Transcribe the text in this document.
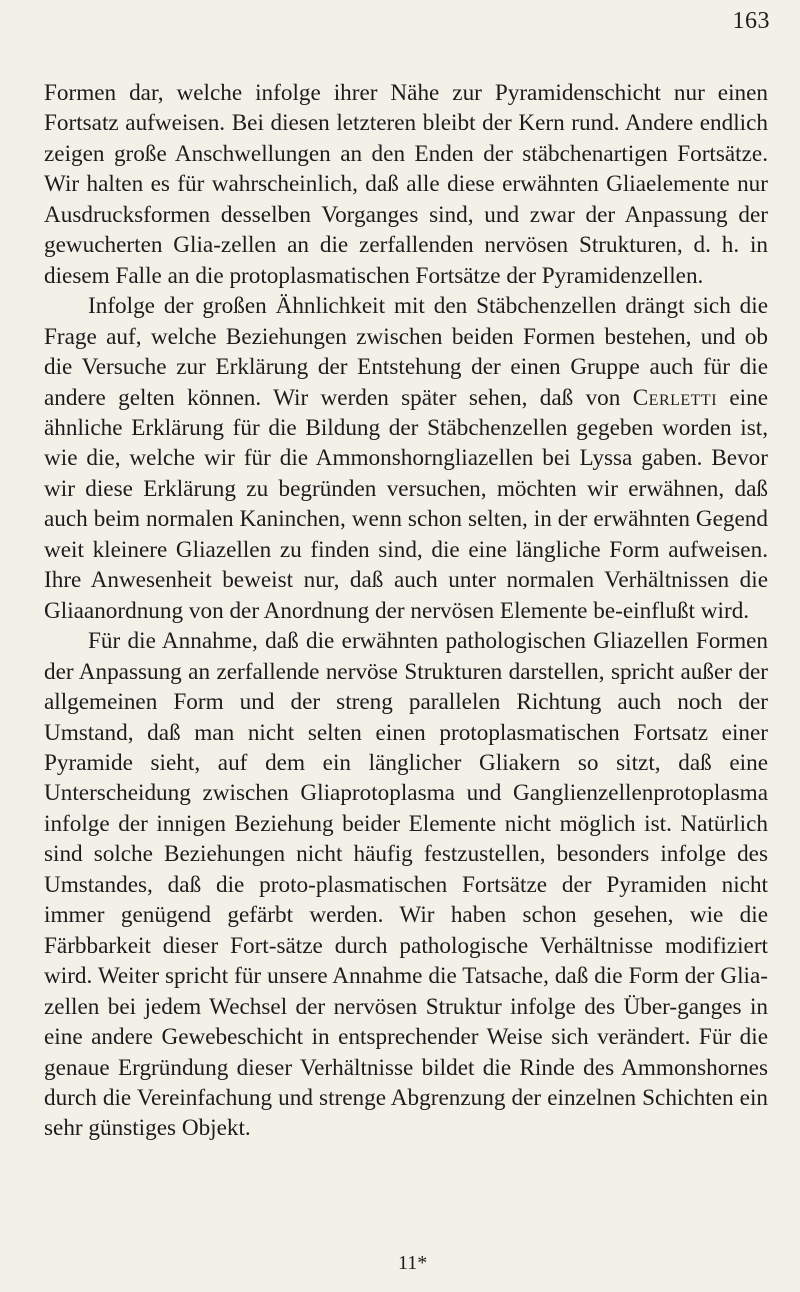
163

Formen dar, welche infolge ihrer Nähe zur Pyramidenschicht nur einen Fortsatz aufweisen. Bei diesen letzteren bleibt der Kern rund. Andere endlich zeigen große Anschwellungen an den Enden der stäbchenartigen Fortsätze. Wir halten es für wahrscheinlich, daß alle diese erwähnten Gliaelemente nur Ausdrucksformen desselben Vorganges sind, und zwar der Anpassung der gewucherten Glia-zellen an die zerfallenden nervösen Strukturen, d. h. in diesem Falle an die protoplasmatischen Fortsätze der Pyramidenzellen.

Infolge der großen Ähnlichkeit mit den Stäbchenzellen drängt sich die Frage auf, welche Beziehungen zwischen beiden Formen bestehen, und ob die Versuche zur Erklärung der Entstehung der einen Gruppe auch für die andere gelten können. Wir werden später sehen, daß von Cerletti eine ähnliche Erklärung für die Bildung der Stäbchenzellen gegeben worden ist, wie die, welche wir für die Ammonshorngliazellen bei Lyssa gaben. Bevor wir diese Erklärung zu begründen versuchen, möchten wir erwähnen, daß auch beim normalen Kaninchen, wenn schon selten, in der erwähnten Gegend weit kleinere Gliazellen zu finden sind, die eine längliche Form aufweisen. Ihre Anwesenheit beweist nur, daß auch unter normalen Verhältnissen die Gliaanordnung von der Anordnung der nervösen Elemente be-einflußt wird.

Für die Annahme, daß die erwähnten pathologischen Gliazellen Formen der Anpassung an zerfallende nervöse Strukturen darstellen, spricht außer der allgemeinen Form und der streng parallelen Richtung auch noch der Umstand, daß man nicht selten einen protoplasmatischen Fortsatz einer Pyramide sieht, auf dem ein länglicher Gliakern so sitzt, daß eine Unterscheidung zwischen Gliaprotoplasma und Ganglienzellenprotoplasma infolge der innigen Beziehung beider Elemente nicht möglich ist. Natürlich sind solche Beziehungen nicht häufig festzustellen, besonders infolge des Umstandes, daß die proto-plasmatischen Fortsätze der Pyramiden nicht immer genügend gefärbt werden. Wir haben schon gesehen, wie die Färbbarkeit dieser Fort-sätze durch pathologische Verhältnisse modifiziert wird. Weiter spricht für unsere Annahme die Tatsache, daß die Form der Glia-zellen bei jedem Wechsel der nervösen Struktur infolge des Über-ganges in eine andere Gewebeschicht in entsprechender Weise sich verändert. Für die genaue Ergründung dieser Verhältnisse bildet die Rinde des Ammonshornes durch die Vereinfachung und strenge Abgrenzung der einzelnen Schichten ein sehr günstiges Objekt.

11*
